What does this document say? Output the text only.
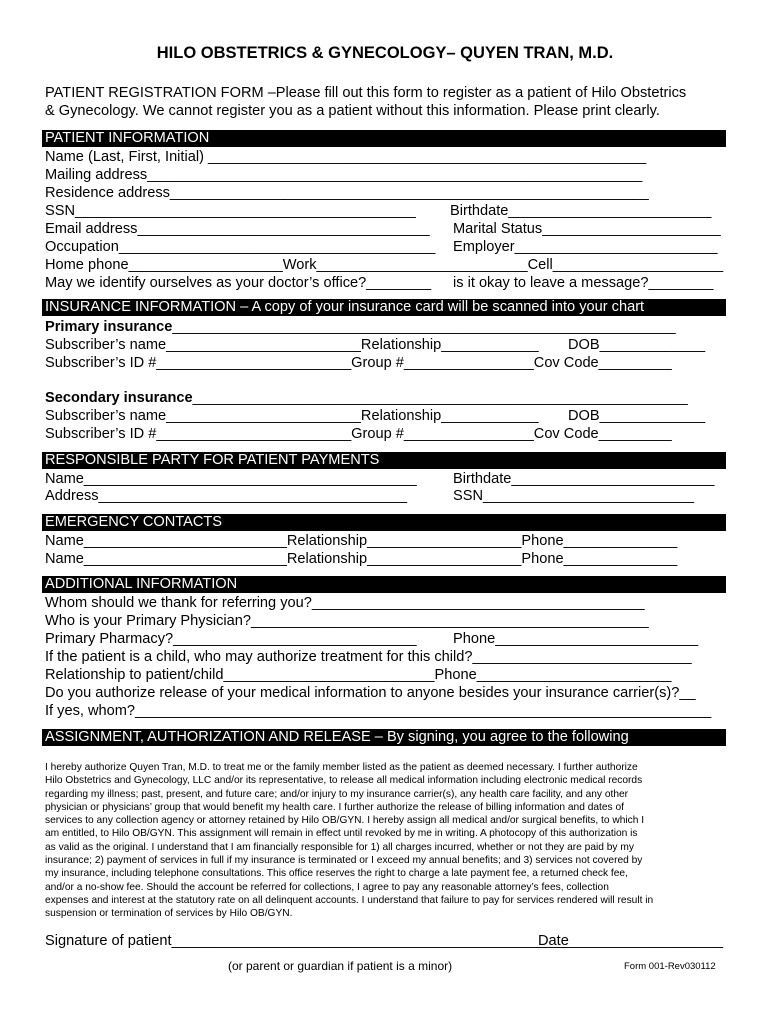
HILO OBSTETRICS & GYNECOLOGY– QUYEN TRAN, M.D.
PATIENT REGISTRATION FORM –Please fill out this form to register as a patient of Hilo Obstetrics
& Gynecology. We cannot register you as a patient without this information. Please print clearly.
PATIENT INFORMATION
Name (Last, First, Initial) ______________________________________________________
Mailing address_____________________________________________________________
Residence address___________________________________________________________
SSN__________________________________________ Birthdate_________________________
Email address____________________________________ Marital Status______________________
Occupation_______________________________________ Employer_________________________
Home phone___________________Work__________________________Cell_____________________
May we identify ourselves as your doctor’s office?________ is it okay to leave a message?________
INSURANCE INFORMATION – A copy of your insurance card will be scanned into your chart
Primary insurance______________________________________________________________
Subscriber’s name________________________Relationship____________ DOB_____________
Subscriber’s ID #________________________Group #________________Cov Code_________
Secondary insurance_____________________________________________________________
Subscriber’s name________________________Relationship____________ DOB_____________
Subscriber’s ID #________________________Group #________________Cov Code_________
RESPONSIBLE PARTY FOR PATIENT PAYMENTS
Name_________________________________________ Birthdate_________________________
Address______________________________________	SSN__________________________
EMERGENCY CONTACTS
Name_________________________Relationship___________________Phone______________
Name_________________________Relationship___________________Phone______________
ADDITIONAL INFORMATION
Whom should we thank for referring you?_________________________________________
Who is your Primary Physician?_________________________________________________
Primary Pharmacy?______________________________ Phone_________________________
If the patient is a child, who may authorize treatment for this child?___________________________
Relationship to patient/child__________________________Phone________________________
Do you authorize release of your medical information to anyone besides your insurance carrier(s)?__
If yes, whom?_______________________________________________________________________
ASSIGNMENT, AUTHORIZATION AND RELEASE – By signing, you agree to the following

I hereby authorize Quyen Tran, M.D. to treat me or the family member listed as the patient as deemed necessary. I further authorize

Hilo Obstetrics and Gynecology, LLC and/or its representative, to release all medical information including electronic medical records

regarding my illness; past, present, and future care; and/or injury to my insurance carrier(s), any health care facility, and any other

physician or physicians’ group that would benefit my health care. I further authorize the release of billing information and dates of

services to any collection agency or attorney retained by Hilo OB/GYN. I hereby assign all medical and/or surgical benefits, to which I

am entitled, to Hilo OB/GYN. This assignment will remain in effect until revoked by me in writing. A photocopy of this authorization is

as valid as the original. I understand that I am financially responsible for 1) all charges incurred, whether or not they are paid by my

insurance; 2) payment of services in full if my insurance is terminated or I exceed my annual benefits; and 3) services not covered by

my insurance, including telephone consultations. This office reserves the right to charge a late payment fee, a returned check fee,

and/or a no-show fee. Should the account be referred for collections, I agree to pay any reasonable attorney’s fees, collection

expenses and interest at the statutory rate on all delinquent accounts. I understand that failure to pay for services rendered will result in

suspension or termination of services by Hilo OB/GYN.

Signature of patient_________________________________________________
Date___________________
(or parent or guardian if patient is a minor)	Form 001-Rev030112
